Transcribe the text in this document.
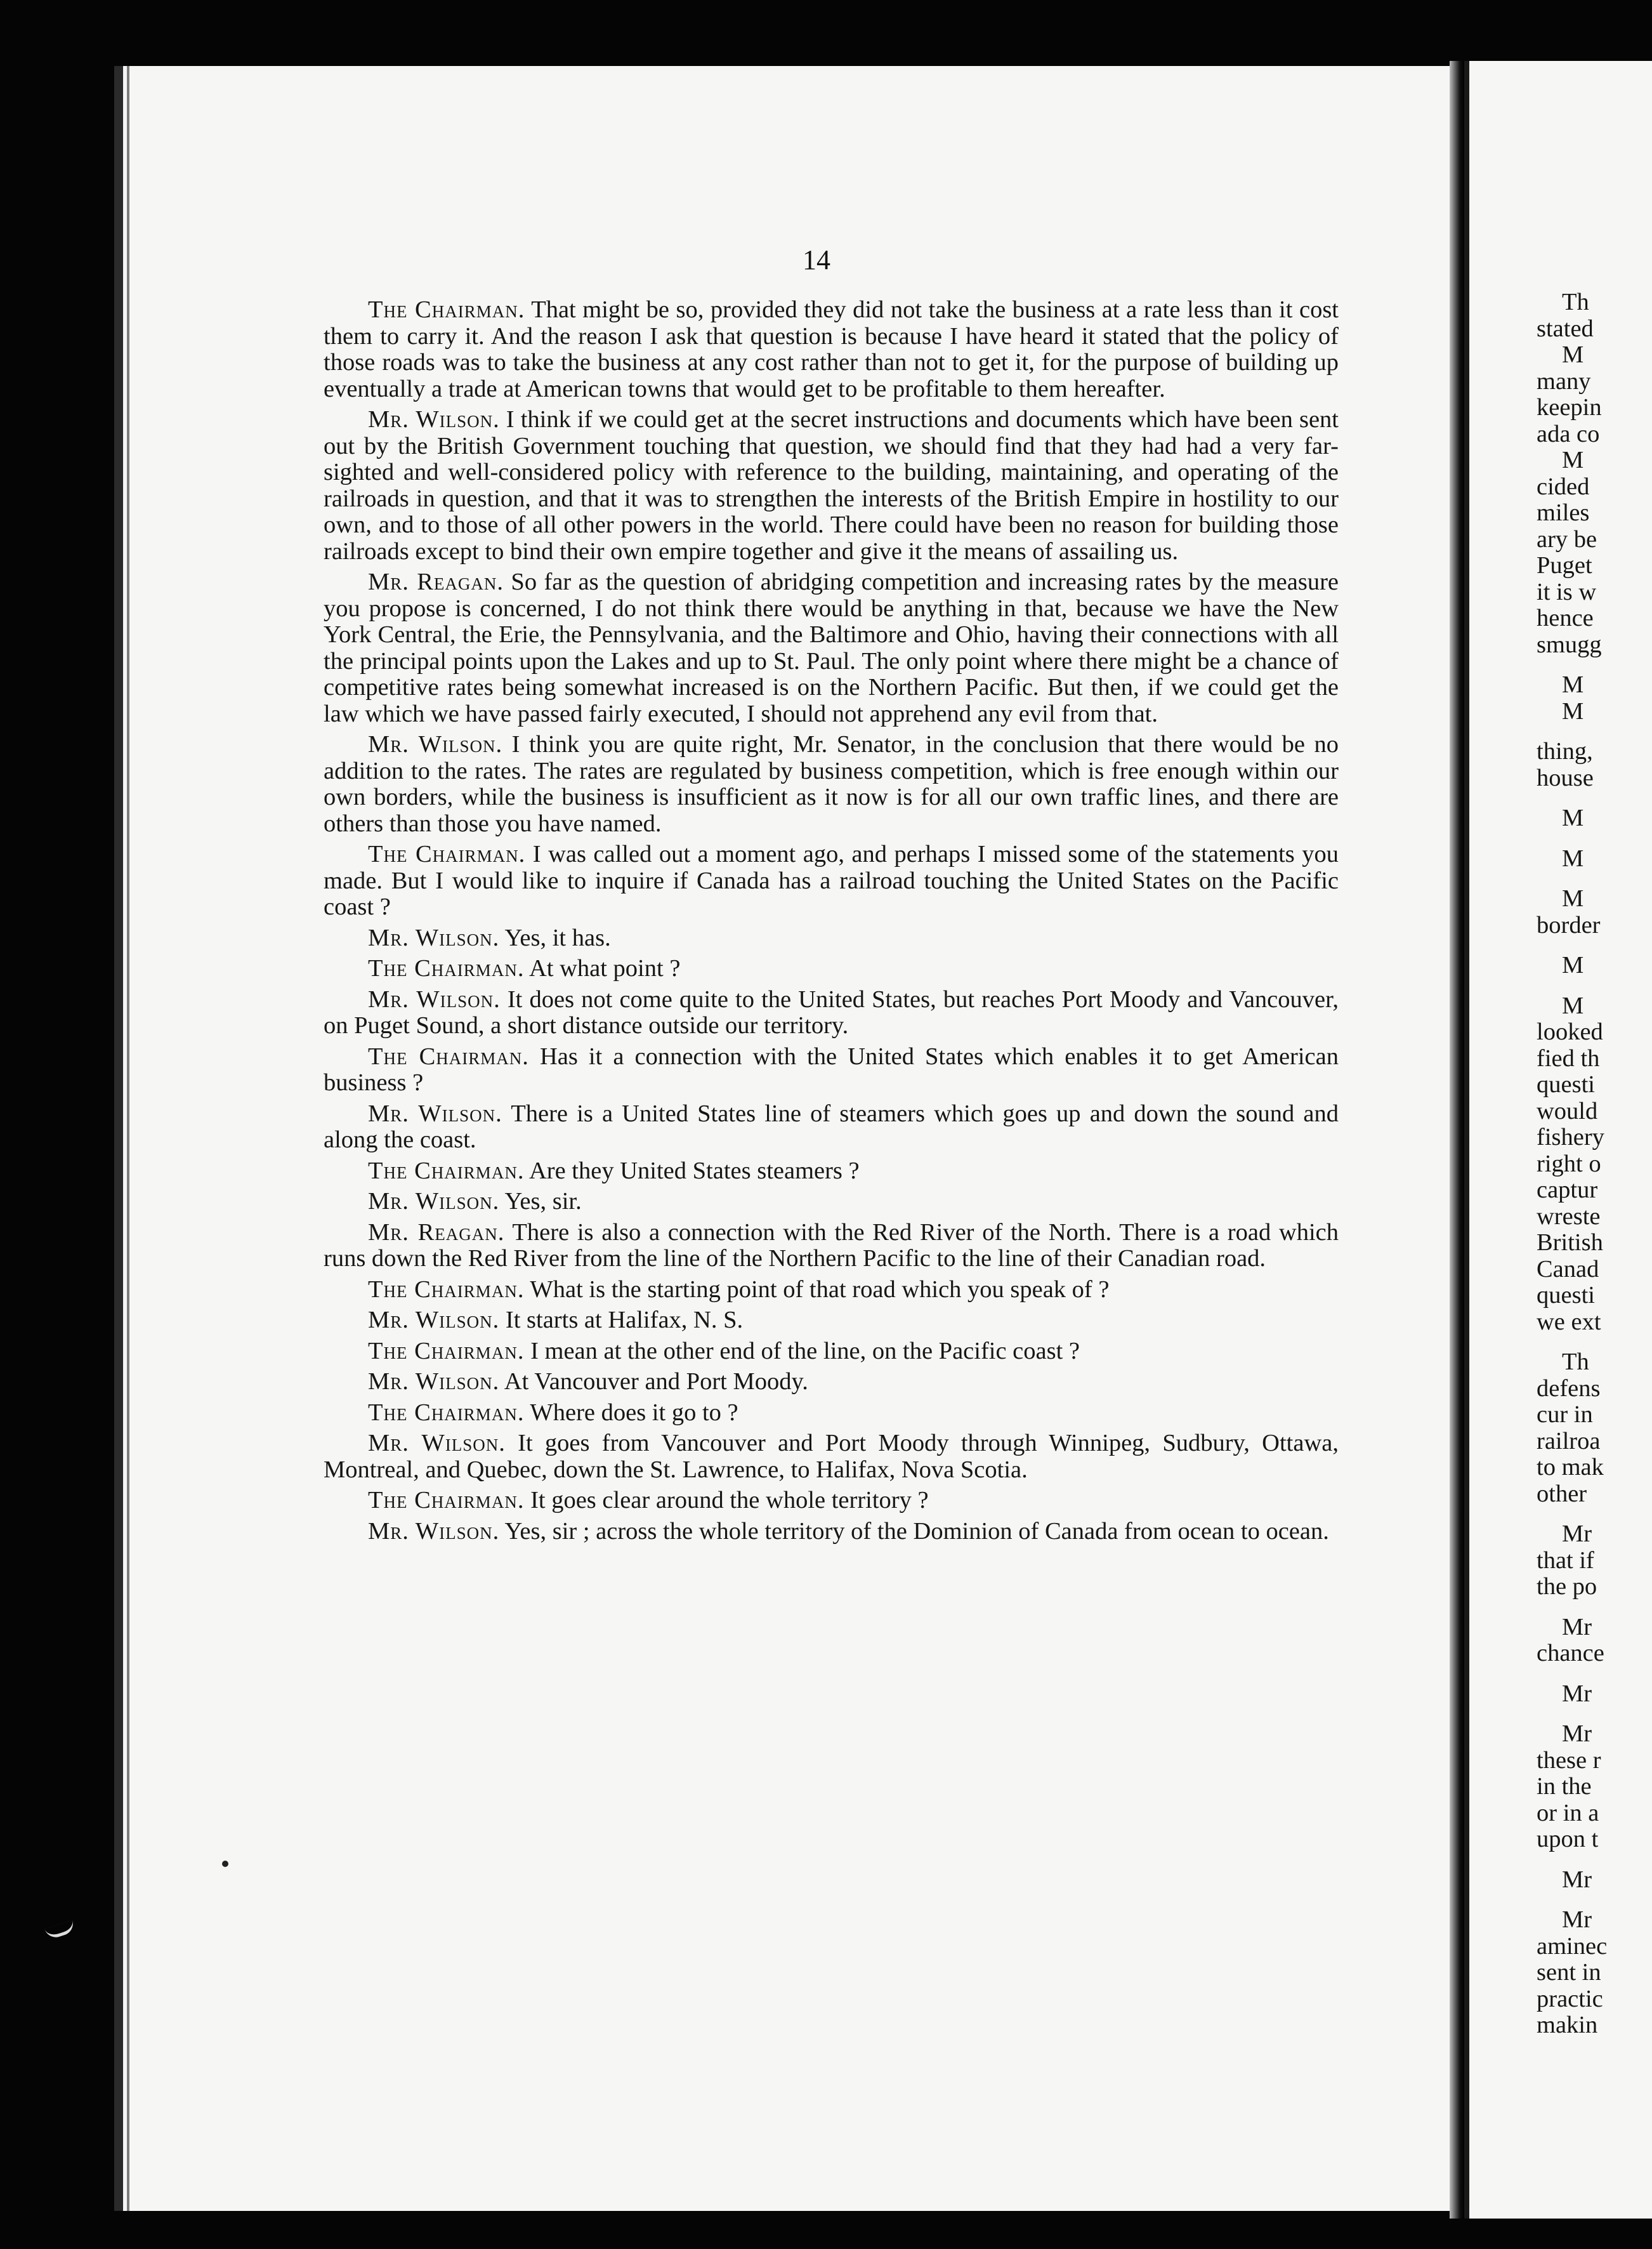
14

The Chairman. That might be so, provided they did not take the business at a rate less than it cost them to carry it. And the reason I ask that question is because I have heard it stated that the policy of those roads was to take the business at any cost rather than not to get it, for the purpose of building up eventually a trade at American towns that would get to be profitable to them hereafter.

Mr. Wilson. I think if we could get at the secret instructions and documents which have been sent out by the British Government touching that question, we should find that they had had a very far-sighted and well-considered policy with reference to the building, maintaining, and operating of the railroads in question, and that it was to strengthen the interests of the British Empire in hostility to our own, and to those of all other powers in the world. There could have been no reason for building those railroads except to bind their own empire together and give it the means of assailing us.

Mr. Reagan. So far as the question of abridging competition and increasing rates by the measure you propose is concerned, I do not think there would be anything in that, because we have the New York Central, the Erie, the Pennsylvania, and the Baltimore and Ohio, having their connections with all the principal points upon the Lakes and up to St. Paul. The only point where there might be a chance of competitive rates being somewhat increased is on the Northern Pacific. But then, if we could get the law which we have passed fairly executed, I should not apprehend any evil from that.

Mr. Wilson. I think you are quite right, Mr. Senator, in the conclusion that there would be no addition to the rates. The rates are regulated by business competition, which is free enough within our own borders, while the business is insufficient as it now is for all our own traffic lines, and there are others than those you have named.

The Chairman. I was called out a moment ago, and perhaps I missed some of the statements you made. But I would like to inquire if Canada has a railroad touching the United States on the Pacific coast ?

Mr. Wilson. Yes, it has.

The Chairman. At what point ?

Mr. Wilson. It does not come quite to the United States, but reaches Port Moody and Vancouver, on Puget Sound, a short distance outside our territory.

The Chairman. Has it a connection with the United States which enables it to get American business ?

Mr. Wilson. There is a United States line of steamers which goes up and down the sound and along the coast.

The Chairman. Are they United States steamers ?

Mr. Wilson. Yes, sir.

Mr. Reagan. There is also a connection with the Red River of the North. There is a road which runs down the Red River from the line of the Northern Pacific to the line of their Canadian road.

The Chairman. What is the starting point of that road which you speak of ?

Mr. Wilson. It starts at Halifax, N. S.

The Chairman. I mean at the other end of the line, on the Pacific coast ?

Mr. Wilson. At Vancouver and Port Moody.

The Chairman. Where does it go to ?

Mr. Wilson. It goes from Vancouver and Port Moody through Winnipeg, Sudbury, Ottawa, Montreal, and Quebec, down the St. Lawrence, to Halifax, Nova Scotia.

The Chairman. It goes clear around the whole territory ?

Mr. Wilson. Yes, sir ; across the whole territory of the Dominion of Canada from ocean to ocean.

Th
stated
M
many
keepin
ada co
M
cided
miles
ary be
Puget
it is w
hence
smugg
M
M
thing,
house
M
M
M
border
M
M
looked
fied th
questi
would
fishery
right o
captur
wreste
British
Canad
questi
we ext
Th
defens
cur in
railroa
to mak
other
Mr
that if
the po
Mr
chance
Mr
Mr
these r
in the
or in a
upon t
Mr
Mr
aminec
sent in
practic
makin
